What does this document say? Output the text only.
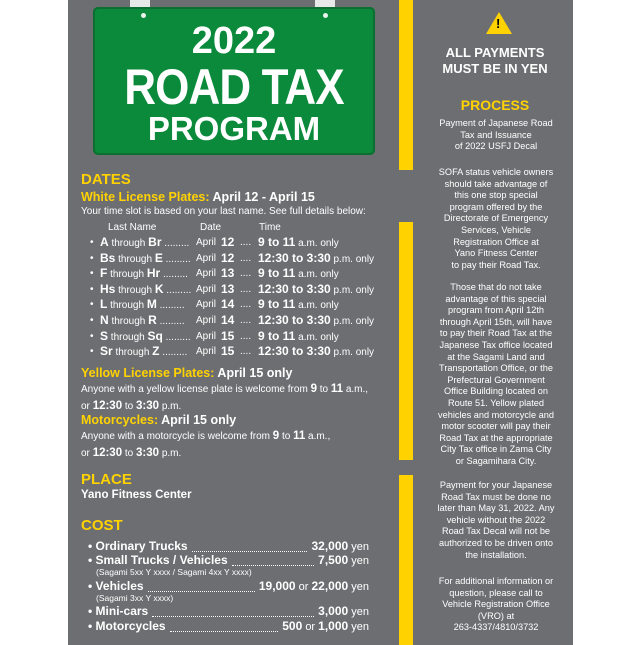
2022
ROAD TAX
PROGRAM
DATES
White License Plates: April 12 - April 15
Your time slot is based on your last name. See full details below:
Last Name	Date	Time
• A through Br ......... April 12 .... 9 to 11 a.m. only
• Bs through E ......... April 12 .... 12:30 to 3:30 p.m. only
• F through Hr ......... April 13 .... 9 to 11 a.m. only
• Hs through K ......... April 13 .... 12:30 to 3:30 p.m. only
• L through M ......... April 14 .... 9 to 11 a.m. only
• N through R ......... April 14 .... 12:30 to 3:30 p.m. only
• S through Sq ......... April 15 .... 9 to 11 a.m. only
• Sr through Z ......... April 15 .... 12:30 to 3:30 p.m. only
Yellow License Plates: April 15 only
Anyone with a yellow license plate is welcome from 9 to 11 a.m.,
or 12:30 to 3:30 p.m.
Motorcycles: April 15 only
Anyone with a motorcycle is welcome from 9 to 11 a.m.,
or 12:30 to 3:30 p.m.
PLACE
Yano Fitness Center
COST
• Ordinary Trucks	32,000 yen
• Small Trucks / Vehicles	7,500 yen
(Sagami 5xx Y xxxx / Sagami 4xx Y xxxx)
• Vehicles	19,000 or 22,000 yen
(Sagami 3xx Y xxxx)
• Mini-cars	3,000 yen
• Motorcycles	500 or 1,000 yen
!
ALL PAYMENTS
MUST BE IN YEN
PROCESS
Payment of Japanese Road
Tax and Issuance
of 2022 USFJ Decal
SOFA status vehicle owners
should take advantage of
this one stop special
program offered by the
Directorate of Emergency
Services, Vehicle
Registration Office at
Yano Fitness Center
to pay their Road Tax.
Those that do not take
advantage of this special
program from April 12th
through April 15th, will have
to pay their Road Tax at the
Japanese Tax office located
at the Sagami Land and
Transportation Office, or the
Prefectural Government
Office Building located on
Route 51. Yellow plated
vehicles and motorcycle and
motor scooter will pay their
Road Tax at the appropriate
City Tax office in Zama City
or Sagamihara City.
Payment for your Japanese
Road Tax must be done no
later than May 31, 2022. Any
vehicle without the 2022
Road Tax Decal will not be
authorized to be driven onto
the installation.
For additional information or
question, please call to
Vehicle Registration Office
(VRO) at
263-4337/4810/3732
